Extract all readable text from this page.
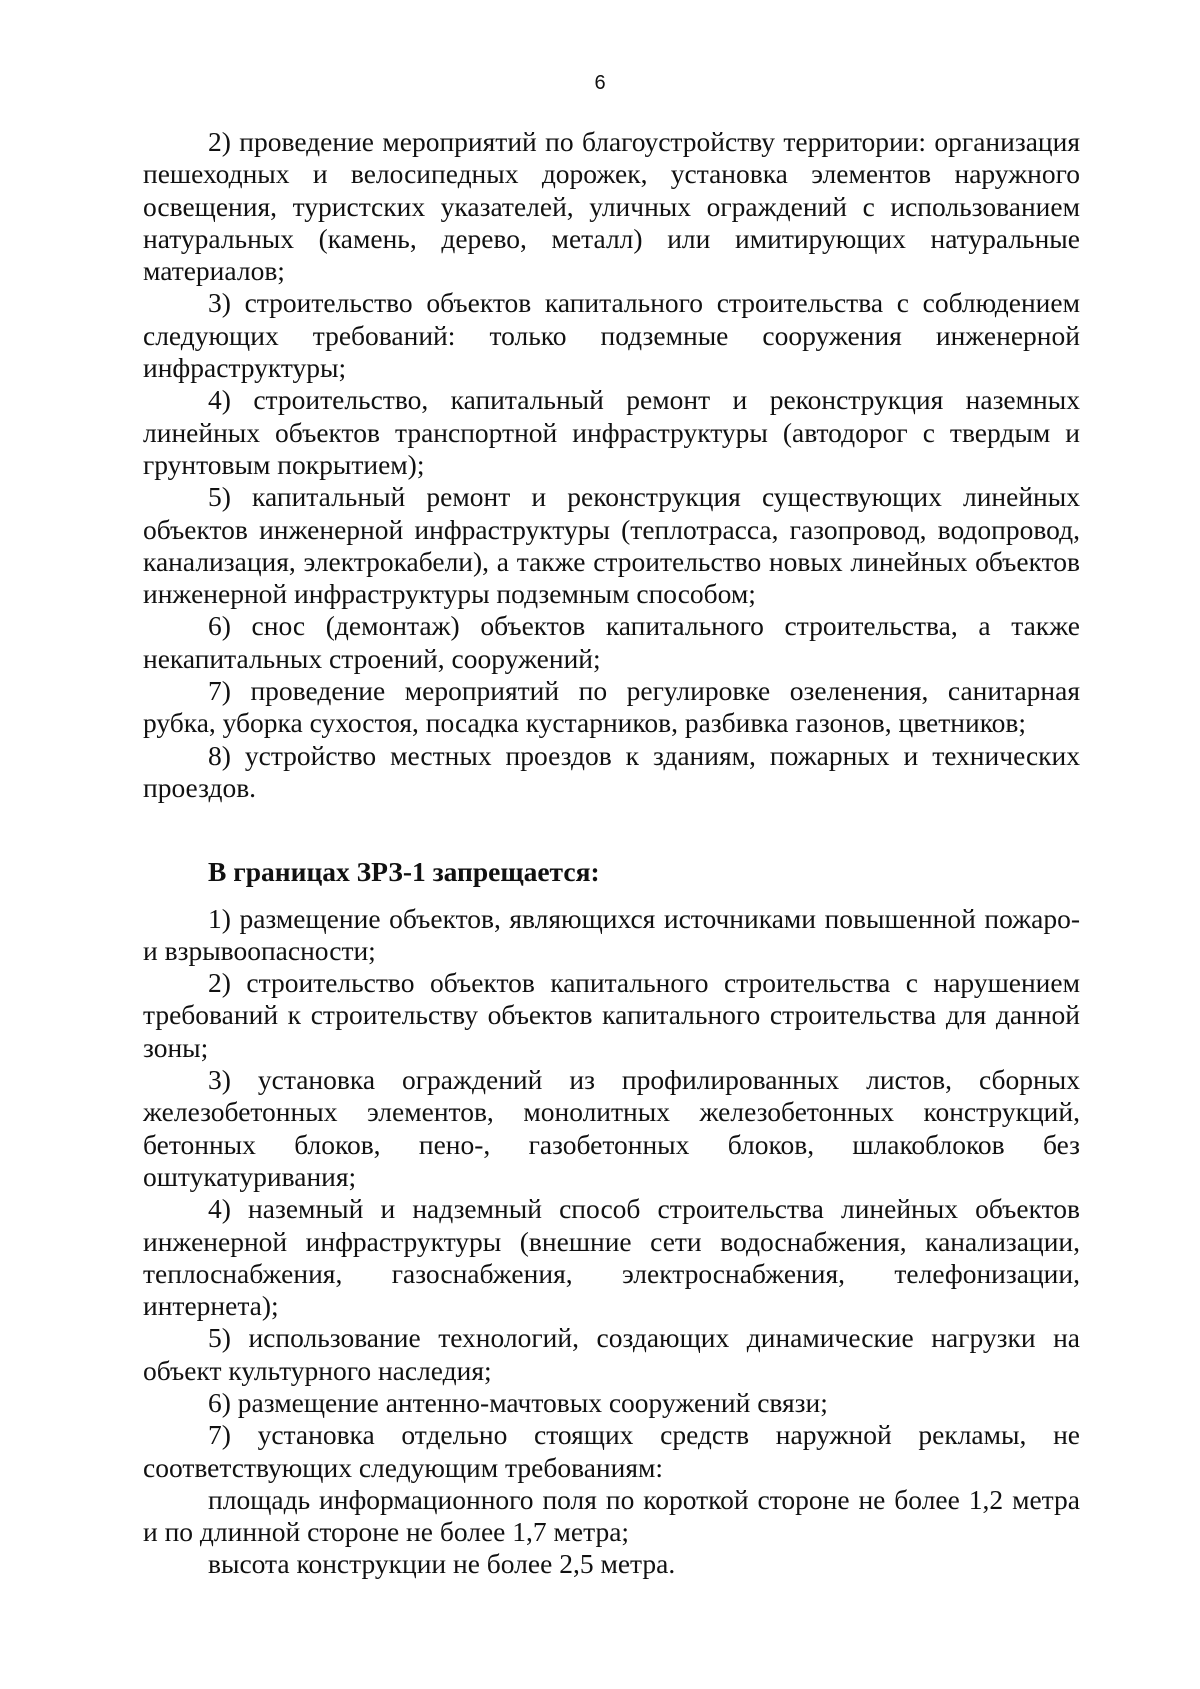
6

2) проведение мероприятий по благоустройству территории: организация пешеходных и велосипедных дорожек, установка элементов наружного освещения, туристских указателей, уличных ограждений с использованием натуральных (камень, дерево, металл) или имитирующих натуральные материалов;

3) строительство объектов капитального строительства с соблюдением следующих требований: только подземные сооружения инженерной инфраструктуры;

4) строительство, капитальный ремонт и реконструкция наземных линейных объектов транспортной инфраструктуры (автодорог с твердым и грунтовым покрытием);

5) капитальный ремонт и реконструкция существующих линейных объектов инженерной инфраструктуры (теплотрасса, газопровод, водопровод, канализация, электрокабели), а также строительство новых линейных объектов инженерной инфраструктуры подземным способом;

6) снос (демонтаж) объектов капитального строительства, а также некапитальных строений, сооружений;

7) проведение мероприятий по регулировке озеленения, санитарная рубка, уборка сухостоя, посадка кустарников, разбивка газонов, цветников;

8) устройство местных проездов к зданиям, пожарных и технических проездов.

В границах ЗРЗ-1 запрещается:

1) размещение объектов, являющихся источниками повышенной пожаро- и взрывоопасности;

2) строительство объектов капитального строительства с нарушением требований к строительству объектов капитального строительства для данной зоны;

3) установка ограждений из профилированных листов, сборных железобетонных элементов, монолитных железобетонных конструкций, бетонных блоков, пено-, газобетонных блоков, шлакоблоков без оштукатуривания;

4) наземный и надземный способ строительства линейных объектов инженерной инфраструктуры (внешние сети водоснабжения, канализации, теплоснабжения, газоснабжения, электроснабжения, телефонизации, интернета);

5) использование технологий, создающих динамические нагрузки на объект культурного наследия;

6) размещение антенно-мачтовых сооружений связи;

7) установка отдельно стоящих средств наружной рекламы, не соответствующих следующим требованиям:

площадь информационного поля по короткой стороне не более 1,2 метра и по длинной стороне не более 1,7 метра;

высота конструкции не более 2,5 метра.
